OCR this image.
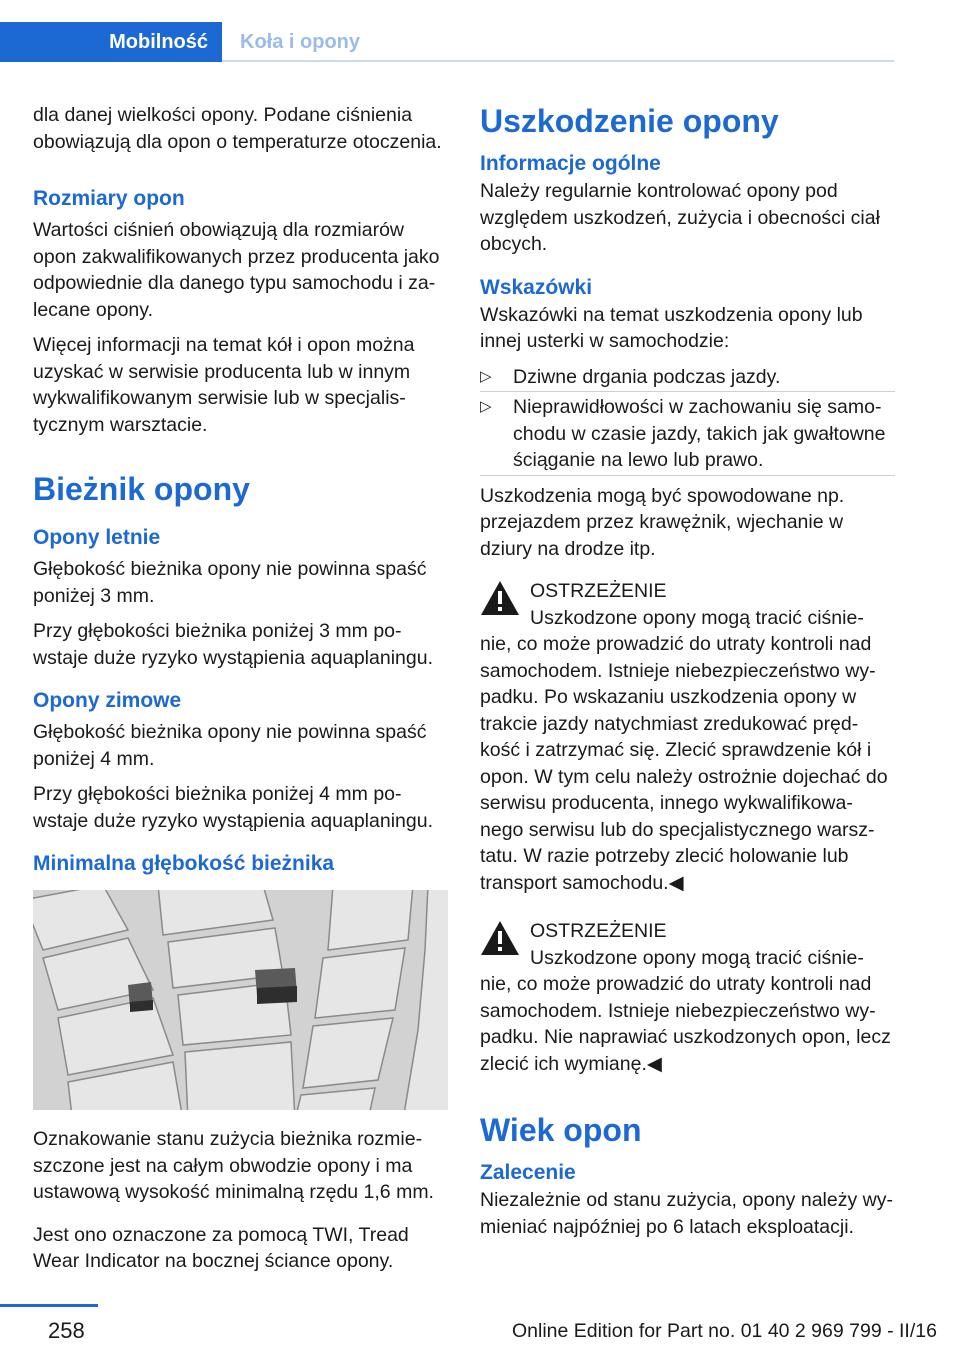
Mobilność Koła i opony

dla danej wielkości opony. Podane ciśnienia obowiązują dla opon o temperaturze otoczenia.

Rozmiary opon

Wartości ciśnień obowiązują dla rozmiarów opon zakwalifikowanych przez producenta jako odpowiednie dla danego typu samochodu i za-lecane opony.

Więcej informacji na temat kół i opon można uzyskać w serwisie producenta lub w innym wykwalifikowanym serwisie lub w specjalis-tycznym warsztacie.

Bieżnik opony
Opony letnie

Głębokość bieżnika opony nie powinna spaść poniżej 3 mm.

Przy głębokości bieżnika poniżej 3 mm po-wstaje duże ryzyko wystąpienia aquaplaningu.

Opony zimowe

Głębokość bieżnika opony nie powinna spaść poniżej 4 mm.

Przy głębokości bieżnika poniżej 4 mm po-wstaje duże ryzyko wystąpienia aquaplaningu.

Minimalna głębokość bieżnika

Oznakowanie stanu zużycia bieżnika rozmie-szczone jest na całym obwodzie opony i ma ustawową wysokość minimalną rzędu 1,6 mm.

Jest ono oznaczone za pomocą TWI, Tread Wear Indicator na bocznej ściance opony.

Uszkodzenie opony
Informacje ogólne

Należy regularnie kontrolować opony pod względem uszkodzeń, zużycia i obecności ciał obcych.

Wskazówki

Wskazówki na temat uszkodzenia opony lub innej usterki w samochodzie:

▷ Dziwne drgania podczas jazdy.
▷ Nieprawidłowości w zachowaniu się samo-chodu w czasie jazdy, takich jak gwałtowne ściąganie na lewo lub prawo.

Uszkodzenia mogą być spowodowane np. przejazdem przez krawężnik, wjechanie w dziury na drodze itp.

OSTRZEŻENIE

Uszkodzone opony mogą tracić ciśnie-nie, co może prowadzić do utraty kontroli nad samochodem. Istnieje niebezpieczeństwo wy-padku. Po wskazaniu uszkodzenia opony w trakcie jazdy natychmiast zredukować pręd-kość i zatrzymać się. Zlecić sprawdzenie kół i opon. W tym celu należy ostrożnie dojechać do serwisu producenta, innego wykwalifikowa-nego serwisu lub do specjalistycznego warsz-tatu. W razie potrzeby zlecić holowanie lub transport samochodu.◀

OSTRZEŻENIE

Uszkodzone opony mogą tracić ciśnie-nie, co może prowadzić do utraty kontroli nad samochodem. Istnieje niebezpieczeństwo wy-padku. Nie naprawiać uszkodzonych opon, lecz zlecić ich wymianę.◀

Wiek opon
Zalecenie

Niezależnie od stanu zużycia, opony należy wy-mieniać najpóźniej po 6 latach eksploatacji.

258	Online Edition for Part no. 01 40 2 969 799 - II/16
